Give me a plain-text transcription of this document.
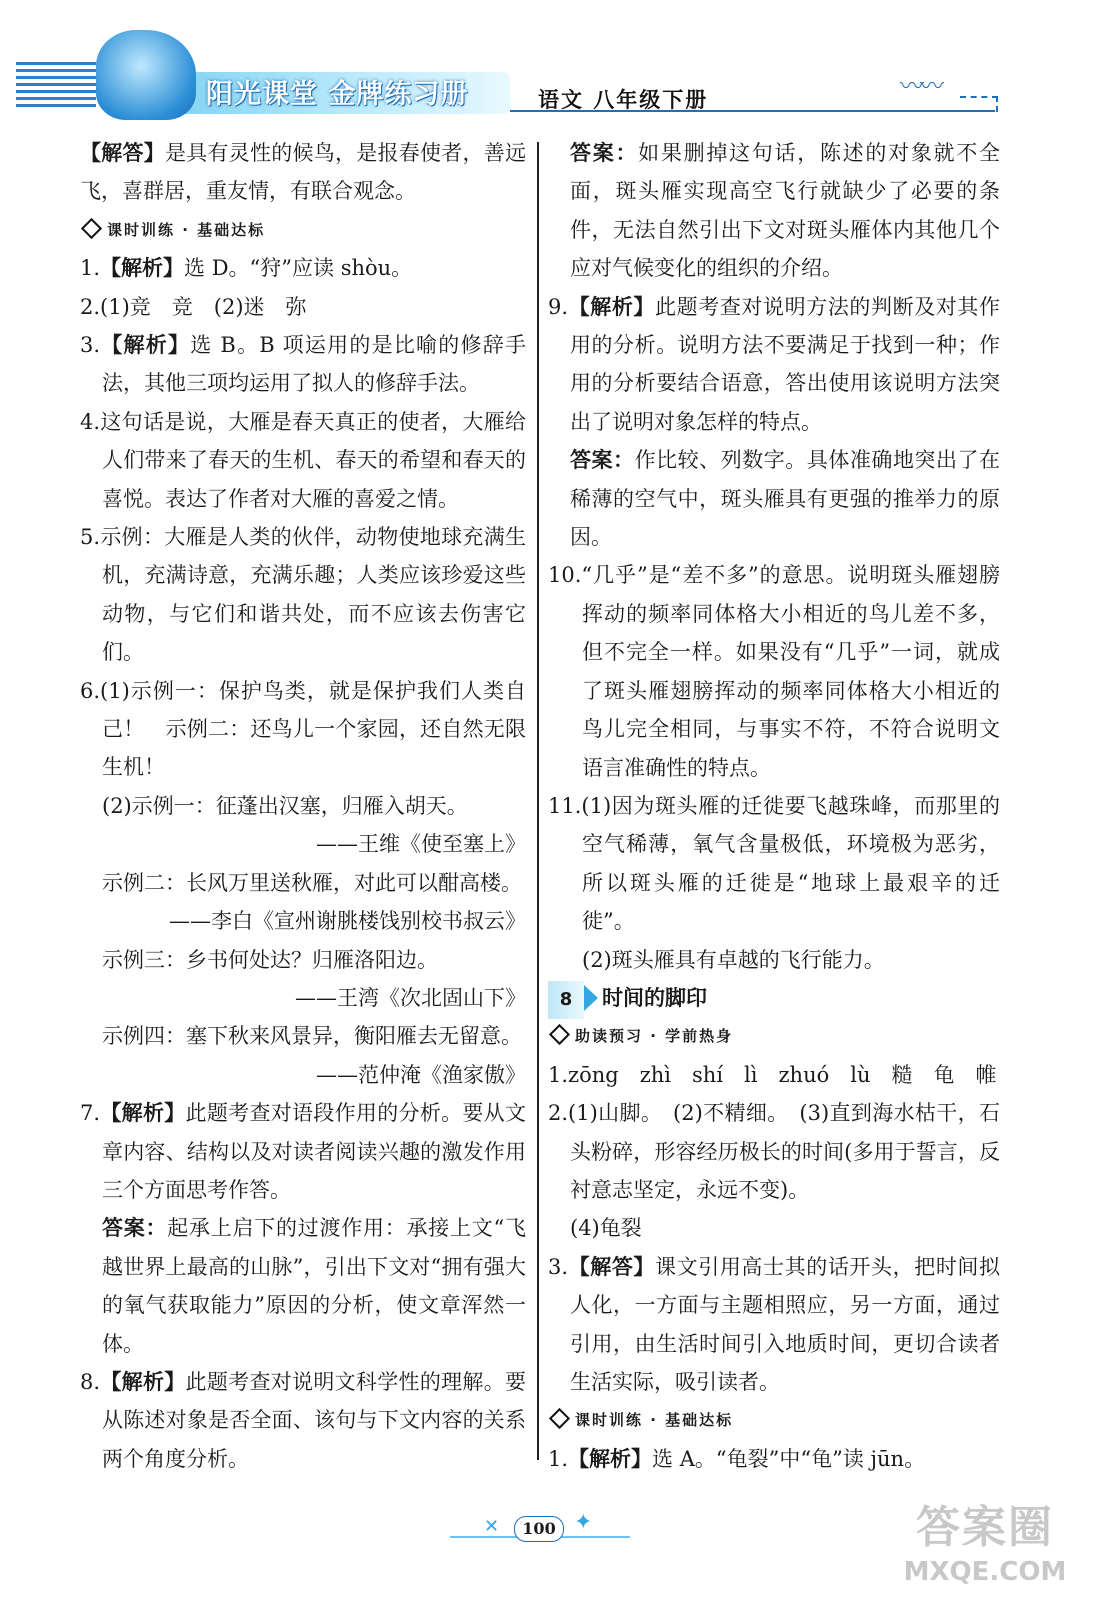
阳光课堂 金牌练习册	语文 八年级下册	〰〰
【解答】是具有灵性的候鸟，是报春使者，善远飞，喜群居，重友情，有联合观念。
课时训练 · 基础达标
1.【解析】选 D。“狩”应读 shòu。
2.(1)竞　竞　(2)迷　弥
3.【解析】选 B。B 项运用的是比喻的修辞手法，其他三项均运用了拟人的修辞手法。
4.这句话是说，大雁是春天真正的使者，大雁给人们带来了春天的生机、春天的希望和春天的喜悦。表达了作者对大雁的喜爱之情。
5.示例：大雁是人类的伙伴，动物使地球充满生机，充满诗意，充满乐趣；人类应该珍爱这些动物，与它们和谐共处，而不应该去伤害它们。
6.(1)示例一：保护鸟类，就是保护我们人类自己！　示例二：还鸟儿一个家园，还自然无限生机！
(2)示例一：征蓬出汉塞，归雁入胡天。
——王维《使至塞上》
示例二：长风万里送秋雁，对此可以酣高楼。
——李白《宣州谢朓楼饯别校书叔云》
示例三：乡书何处达？归雁洛阳边。
——王湾《次北固山下》
示例四：塞下秋来风景异，衡阳雁去无留意。
——范仲淹《渔家傲》
7.【解析】此题考查对语段作用的分析。要从文章内容、结构以及对读者阅读兴趣的激发作用三个方面思考作答。
答案：起承上启下的过渡作用：承接上文“飞越世界上最高的山脉”，引出下文对“拥有强大的氧气获取能力”原因的分析，使文章浑然一体。
8.【解析】此题考查对说明文科学性的理解。要从陈述对象是否全面、该句与下文内容的关系两个角度分析。
答案：如果删掉这句话，陈述的对象就不全面，斑头雁实现高空飞行就缺少了必要的条件，无法自然引出下文对斑头雁体内其他几个应对气候变化的组织的介绍。
9.【解析】此题考查对说明方法的判断及对其作用的分析。说明方法不要满足于找到一种；作用的分析要结合语意，答出使用该说明方法突出了说明对象怎样的特点。
答案：作比较、列数字。具体准确地突出了在稀薄的空气中，斑头雁具有更强的推举力的原因。
10.“几乎”是“差不多”的意思。说明斑头雁翅膀挥动的频率同体格大小相近的鸟儿差不多，但不完全一样。如果没有“几乎”一词，就成了斑头雁翅膀挥动的频率同体格大小相近的鸟儿完全相同，与事实不符，不符合说明文语言准确性的特点。
11.(1)因为斑头雁的迁徙要飞越珠峰，而那里的空气稀薄，氧气含量极低，环境极为恶劣，所以斑头雁的迁徙是“地球上最艰辛的迁徙”。
(2)斑头雁具有卓越的飞行能力。
8 时间的脚印
助读预习 · 学前热身
1.zōng　zhì　shí　lì　zhuó　lù　糙　龟　帷
2.(1)山脚。　(2)不精细。　(3)直到海水枯干，石头粉碎，形容经历极长的时间(多用于誓言，反衬意志坚定，永远不变)。
(4)龟裂
3.【解答】课文引用高士其的话开头，把时间拟人化，一方面与主题相照应，另一方面，通过引用，由生活时间引入地质时间，更切合读者生活实际，吸引读者。
课时训练 · 基础达标
1.【解析】选 A。“龟裂”中“龟”读 jūn。
✕	100 ✦	答案圈
MXQE.COM
